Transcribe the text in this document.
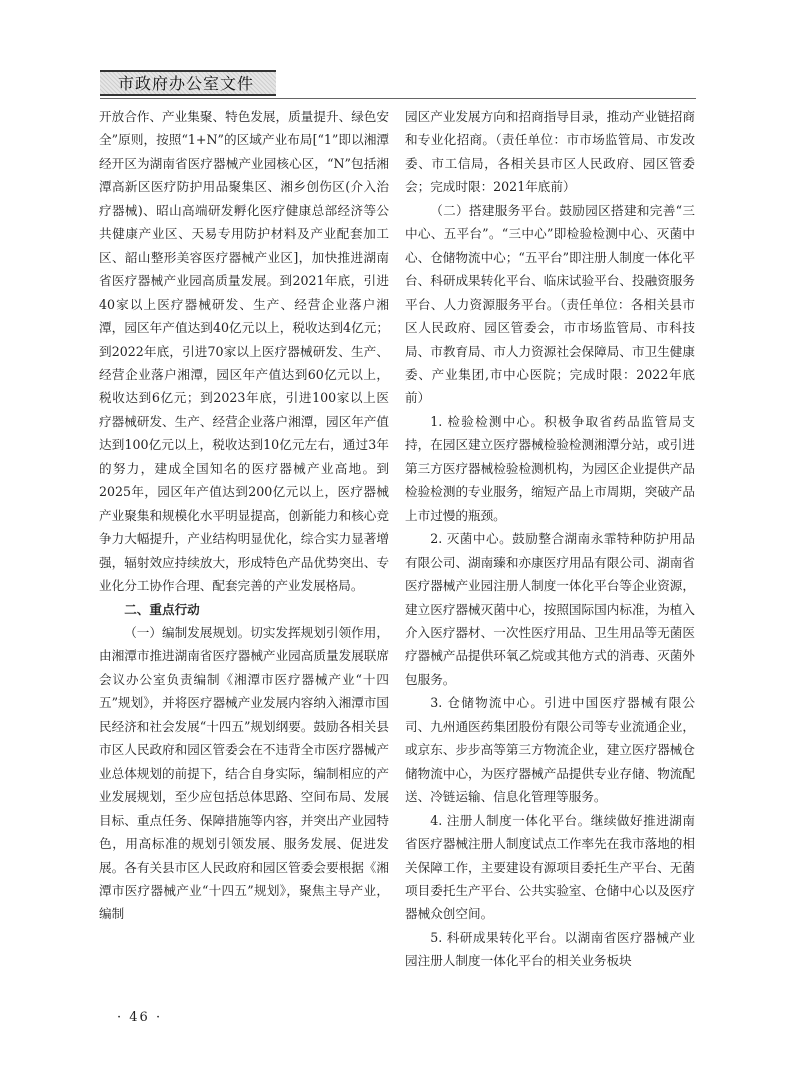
市政府办公室文件

开放合作、产业集聚、特色发展，质量提升、绿色安全”原则，按照“1+N”的区域产业布局[“1”即以湘潭经开区为湖南省医疗器械产业园核心区，“N”包括湘潭高新区医疗防护用品聚集区、湘乡创伤区(介入治疗器械)、昭山高端研发孵化医疗健康总部经济等公共健康产业区、天易专用防护材料及产业配套加工区、韶山整形美容医疗器械产业区]，加快推进湖南省医疗器械产业园高质量发展。到2021年底，引进40家以上医疗器械研发、生产、经营企业落户湘潭，园区年产值达到40亿元以上，税收达到4亿元；到2022年底，引进70家以上医疗器械研发、生产、经营企业落户湘潭，园区年产值达到60亿元以上，税收达到6亿元；到2023年底，引进100家以上医疗器械研发、生产、经营企业落户湘潭，园区年产值达到100亿元以上，税收达到10亿元左右，通过3年的努力，建成全国知名的医疗器械产业高地。到2025年，园区年产值达到200亿元以上，医疗器械产业聚集和规模化水平明显提高，创新能力和核心竞争力大幅提升，产业结构明显优化，综合实力显著增强，辐射效应持续放大，形成特色产品优势突出、专业化分工协作合理、配套完善的产业发展格局。

二、重点行动

（一）编制发展规划。切实发挥规划引领作用，由湘潭市推进湖南省医疗器械产业园高质量发展联席会议办公室负责编制《湘潭市医疗器械产业“十四五”规划》，并将医疗器械产业发展内容纳入湘潭市国民经济和社会发展“十四五”规划纲要。鼓励各相关县市区人民政府和园区管委会在不违背全市医疗器械产业总体规划的前提下，结合自身实际，编制相应的产业发展规划，至少应包括总体思路、空间布局、发展目标、重点任务、保障措施等内容，并突出产业园特色，用高标准的规划引领发展、服务发展、促进发展。各有关县市区人民政府和园区管委会要根据《湘潭市医疗器械产业“十四五”规划》，聚焦主导产业，编制

园区产业发展方向和招商指导目录，推动产业链招商和专业化招商。（责任单位：市市场监管局、市发改委、市工信局，各相关县市区人民政府、园区管委会；完成时限：2021年底前）

（二）搭建服务平台。鼓励园区搭建和完善“三中心、五平台”。“三中心”即检验检测中心、灭菌中心、仓储物流中心；“五平台”即注册人制度一体化平台、科研成果转化平台、临床试验平台、投融资服务平台、人力资源服务平台。（责任单位：各相关县市区人民政府、园区管委会，市市场监管局、市科技局、市教育局、市人力资源社会保障局、市卫生健康委、产业集团,市中心医院；完成时限：2022年底前）

1. 检验检测中心。积极争取省药品监管局支持，在园区建立医疗器械检验检测湘潭分站，或引进第三方医疗器械检验检测机构，为园区企业提供产品检验检测的专业服务，缩短产品上市周期，突破产品上市过慢的瓶颈。

2. 灭菌中心。鼓励整合湖南永霏特种防护用品有限公司、湖南臻和亦康医疗用品有限公司、湖南省医疗器械产业园注册人制度一体化平台等企业资源，建立医疗器械灭菌中心，按照国际国内标准，为植入介入医疗器材、一次性医疗用品、卫生用品等无菌医疗器械产品提供环氧乙烷或其他方式的消毒、灭菌外包服务。

3. 仓储物流中心。引进中国医疗器械有限公司、九州通医药集团股份有限公司等专业流通企业，或京东、步步高等第三方物流企业，建立医疗器械仓储物流中心，为医疗器械产品提供专业存储、物流配送、冷链运输、信息化管理等服务。

4. 注册人制度一体化平台。继续做好推进湖南省医疗器械注册人制度试点工作率先在我市落地的相关保障工作，主要建设有源项目委托生产平台、无菌项目委托生产平台、公共实验室、仓储中心以及医疗器械众创空间。

5. 科研成果转化平台。以湖南省医疗器械产业园注册人制度一体化平台的相关业务板块

· 46 ·
